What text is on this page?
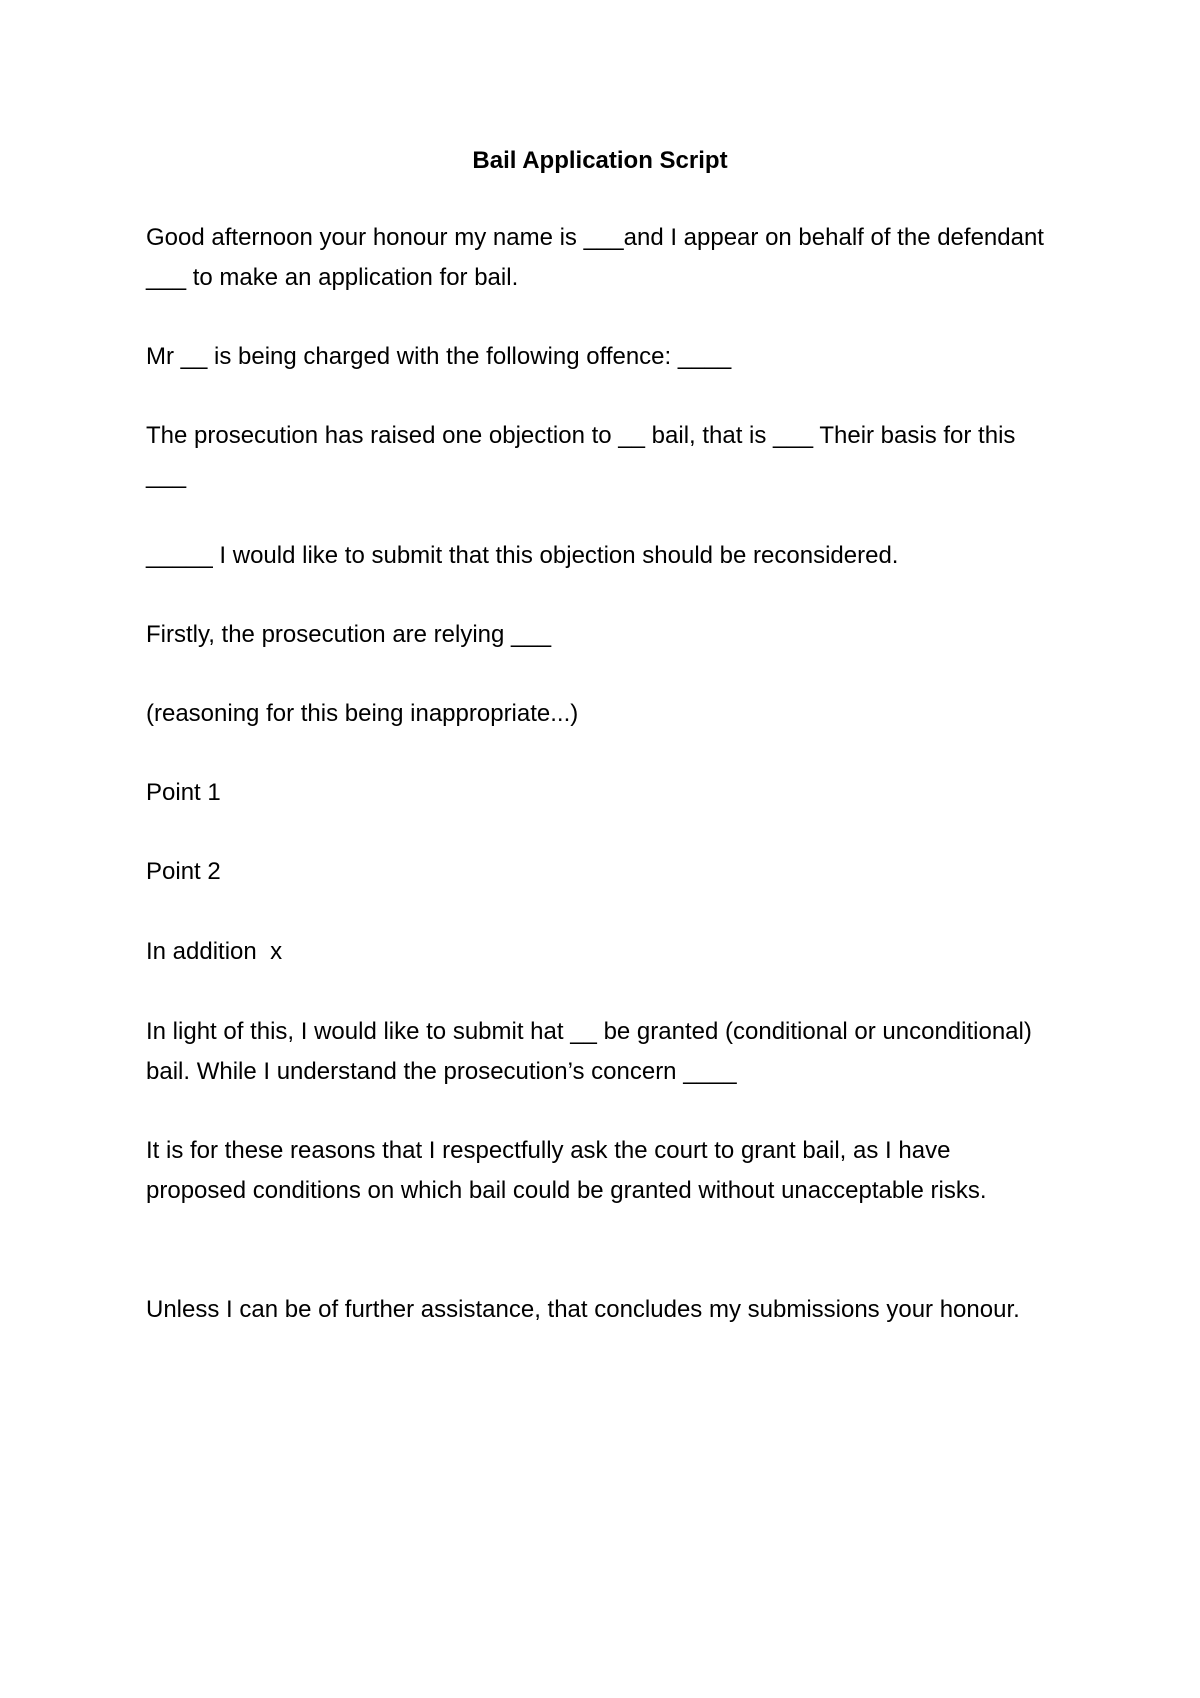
Bail Application Script

Good afternoon your honour my name is ___and I appear on behalf of the defendant ___ to make an application for bail.

Mr __ is being charged with the following offence: ____

The prosecution has raised one objection to __ bail, that is ___ Their basis for this ___

_____ I would like to submit that this objection should be reconsidered.

Firstly, the prosecution are relying ___

(reasoning for this being inappropriate...)

Point 1

Point 2

In addition  x

In light of this, I would like to submit hat __ be granted (conditional or unconditional) bail. While I understand the prosecution’s concern ____

It is for these reasons that I respectfully ask the court to grant bail, as I have proposed conditions on which bail could be granted without unacceptable risks.

Unless I can be of further assistance, that concludes my submissions your honour.
